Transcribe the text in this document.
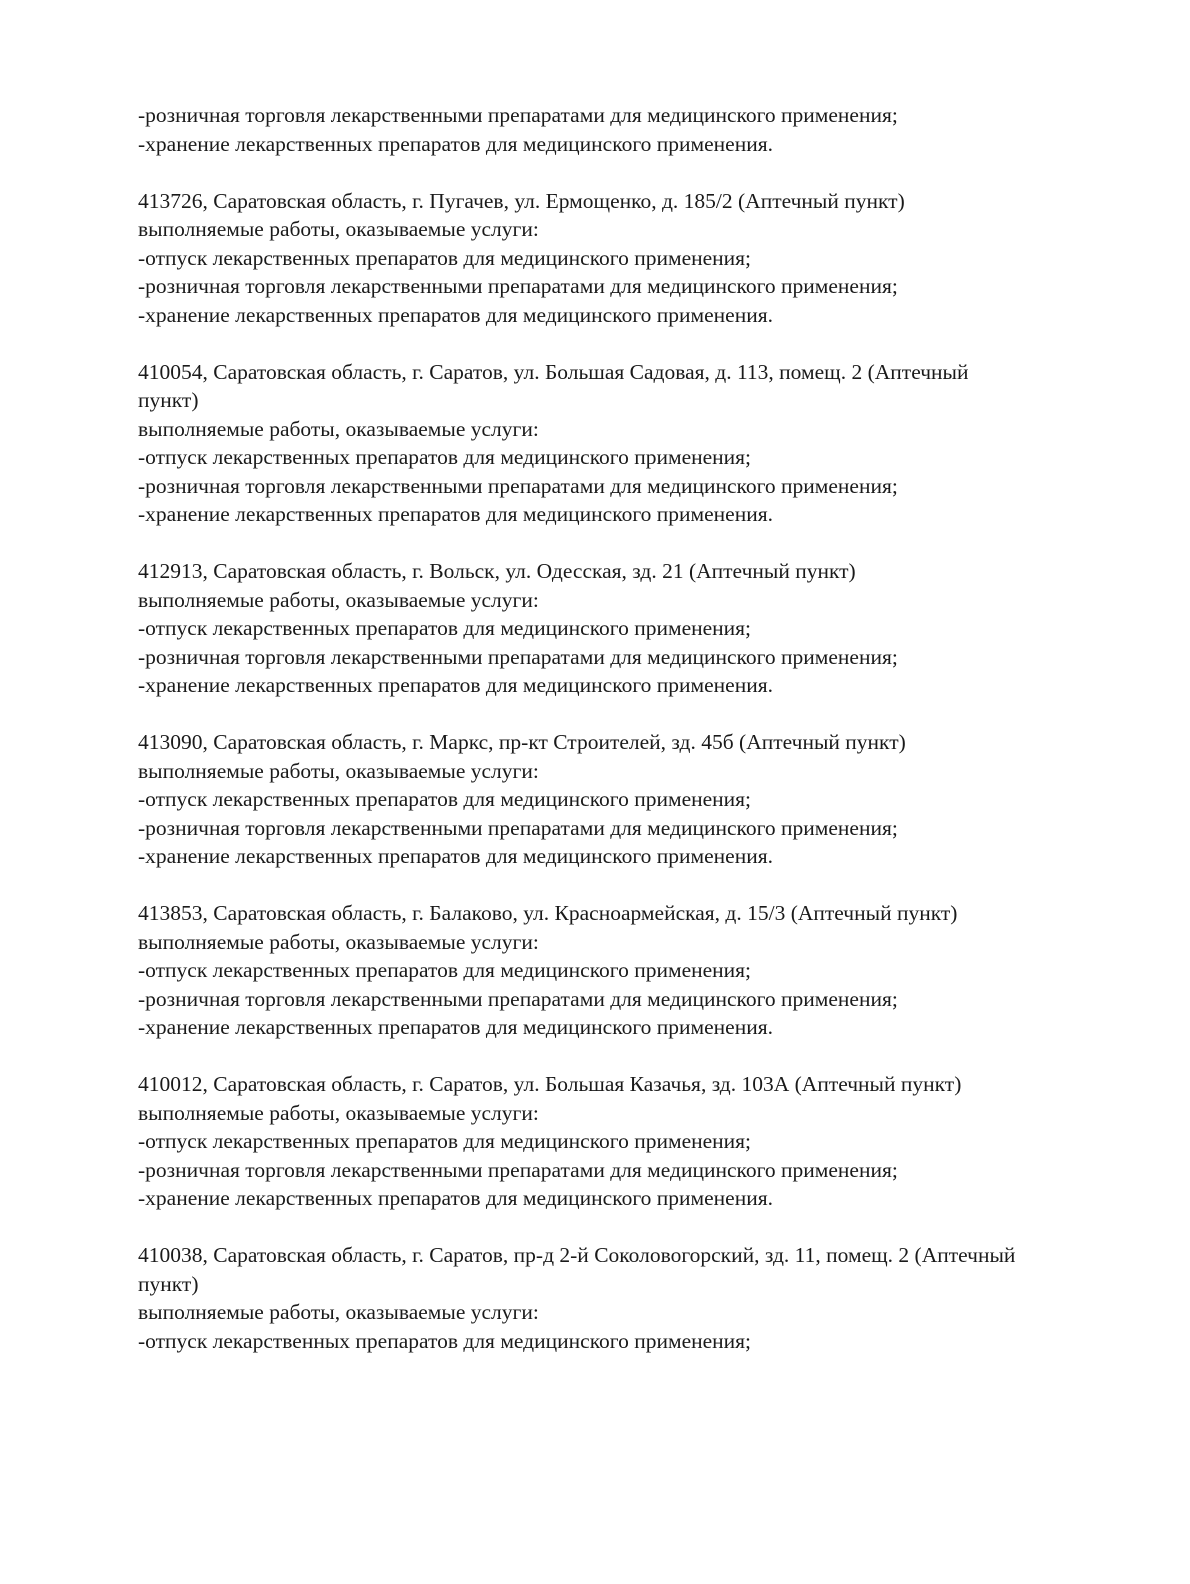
-розничная торговля лекарственными препаратами для медицинского применения;

-хранение лекарственных препаратов для медицинского применения.

413726, Саратовская область, г. Пугачев, ул. Ермощенко, д. 185/2 (Аптечный пункт)

выполняемые работы, оказываемые услуги:

-отпуск лекарственных препаратов для медицинского применения;

-розничная торговля лекарственными препаратами для медицинского применения;

-хранение лекарственных препаратов для медицинского применения.

410054, Саратовская область, г. Саратов, ул. Большая Садовая, д. 113, помещ. 2 (Аптечный

пункт)

выполняемые работы, оказываемые услуги:

-отпуск лекарственных препаратов для медицинского применения;

-розничная торговля лекарственными препаратами для медицинского применения;

-хранение лекарственных препаратов для медицинского применения.

412913, Саратовская область, г. Вольск, ул. Одесская, зд. 21 (Аптечный пункт)

выполняемые работы, оказываемые услуги:

-отпуск лекарственных препаратов для медицинского применения;

-розничная торговля лекарственными препаратами для медицинского применения;

-хранение лекарственных препаратов для медицинского применения.

413090, Саратовская область, г. Маркс, пр-кт Строителей, зд. 45б (Аптечный пункт)

выполняемые работы, оказываемые услуги:

-отпуск лекарственных препаратов для медицинского применения;

-розничная торговля лекарственными препаратами для медицинского применения;

-хранение лекарственных препаратов для медицинского применения.

413853, Саратовская область, г. Балаково, ул. Красноармейская, д. 15/3 (Аптечный пункт)

выполняемые работы, оказываемые услуги:

-отпуск лекарственных препаратов для медицинского применения;

-розничная торговля лекарственными препаратами для медицинского применения;

-хранение лекарственных препаратов для медицинского применения.

410012, Саратовская область, г. Саратов, ул. Большая Казачья, зд. 103А (Аптечный пункт)

выполняемые работы, оказываемые услуги:

-отпуск лекарственных препаратов для медицинского применения;

-розничная торговля лекарственными препаратами для медицинского применения;

-хранение лекарственных препаратов для медицинского применения.

410038, Саратовская область, г. Саратов, пр-д 2-й Соколовогорский, зд. 11, помещ. 2 (Аптечный

пункт)

выполняемые работы, оказываемые услуги:

-отпуск лекарственных препаратов для медицинского применения;
